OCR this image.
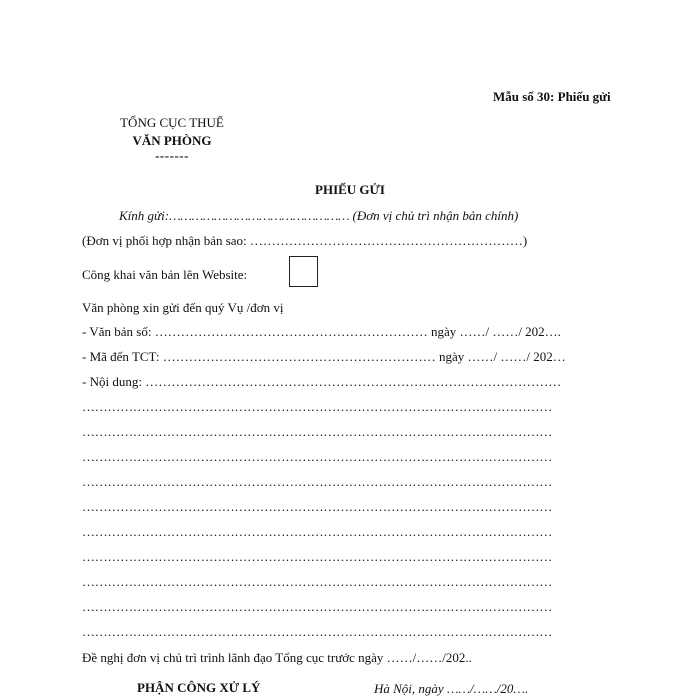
Mẫu số 30: Phiếu gửi
TỔNG CỤC THUẾ
VĂN PHÒNG
-------
PHIẾU GỬI
Kính gửi:………………………………………… (Đơn vị chủ trì nhận bản chính)
(Đơn vị phối hợp nhận bản sao: ………………………………………………………)
Công khai văn bản lên Website:
Văn phòng xin gửi đến quý Vụ /đơn vị
- Văn bản số: ……………………………………………………… ngày ……/ ……/ 202….
- Mã đến TCT: ……………………………………………………… ngày ……/ ……/ 202…
- Nội dung: ……………………………………………………………………………………
…………………………………………………………………………………………………
…………………………………………………………………………………………………
…………………………………………………………………………………………………
…………………………………………………………………………………………………
…………………………………………………………………………………………………
…………………………………………………………………………………………………
…………………………………………………………………………………………………
…………………………………………………………………………………………………
…………………………………………………………………………………………………
…………………………………………………………………………………………………
Đề nghị đơn vị chủ trì trình lãnh đạo Tổng cục trước ngày ……/……/202..
PHẬN CÔNG XỬ LÝ	Hà Nội, ngày ……/……/20….
